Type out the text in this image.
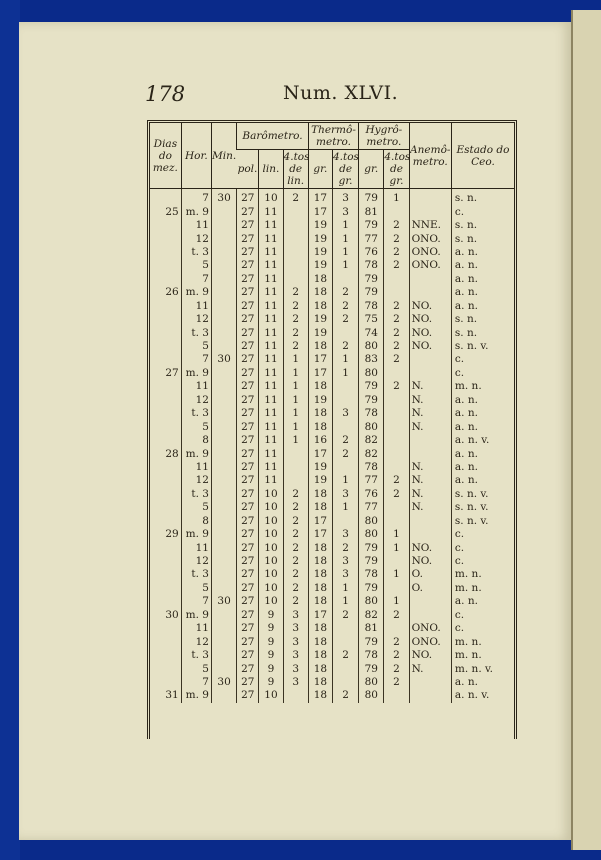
178	Num. XLVI.
Dias do mez.	Hor.	Min.	Barômetro.			Thermô-metro.		Hygrô-metro.		Anemô-metro.	Estado do Ceo.
			pol.	lin.	4.tos de lin.	gr.	4.tos de gr.	gr.	4.tos de gr.		
	7	30	27	10	2	17	3	79	1		s. n.
25	m. 9		27	11		17	3	81			c.
	11		27	11		19	1	79	2	NNE.	s. n.
	12		27	11		19	1	77	2	ONO.	s. n.
	t. 3		27	11		19	1	76	2	ONO.	a. n.
	5		27	11		19	1	78	2	ONO.	a. n.
	7		27	11		18		79			a. n.
26	m. 9		27	11	2	18	2	79			a. n.
	11		27	11	2	18	2	78	2	NO.	a. n.
	12		27	11	2	19	2	75	2	NO.	s. n.
	t. 3		27	11	2	19		74	2	NO.	s. n.
	5		27	11	2	18	2	80	2	NO.	s. n. v.
	7	30	27	11	1	17	1	83	2		c.
27	m. 9		27	11	1	17	1	80			c.
	11		27	11	1	18		79	2	N.	m. n.
	12		27	11	1	19		79		N.	a. n.
	t. 3		27	11	1	18	3	78		N.	a. n.
	5		27	11	1	18		80		N.	a. n.
	8		27	11	1	16	2	82			a. n. v.
28	m. 9		27	11		17	2	82			a. n.
	11		27	11		19		78		N.	a. n.
	12		27	11		19	1	77	2	N.	a. n.
	t. 3		27	10	2	18	3	76	2	N.	s. n. v.
	5		27	10	2	18	1	77		N.	s. n. v.
	8		27	10	2	17		80			s. n. v.
29	m. 9		27	10	2	17	3	80	1		c.
	11		27	10	2	18	2	79	1	NO.	c.
	12		27	10	2	18	3	79		NO.	c.
	t. 3		27	10	2	18	3	78	1	O.	m. n.
	5		27	10	2	18	1	79		O.	m. n.
	7	30	27	10	2	18	1	80	1		a. n.
30	m. 9		27	9	3	17	2	82	2		c.
	11		27	9	3	18		81		ONO.	c.
	12		27	9	3	18		79	2	ONO.	m. n.
	t. 3		27	9	3	18	2	78	2	NO.	m. n.
	5		27	9	3	18		79	2	N.	m. n. v.
	7	30	27	9	3	18		80	2		a. n.
31	m. 9		27	10		18	2	80			a. n. v.
